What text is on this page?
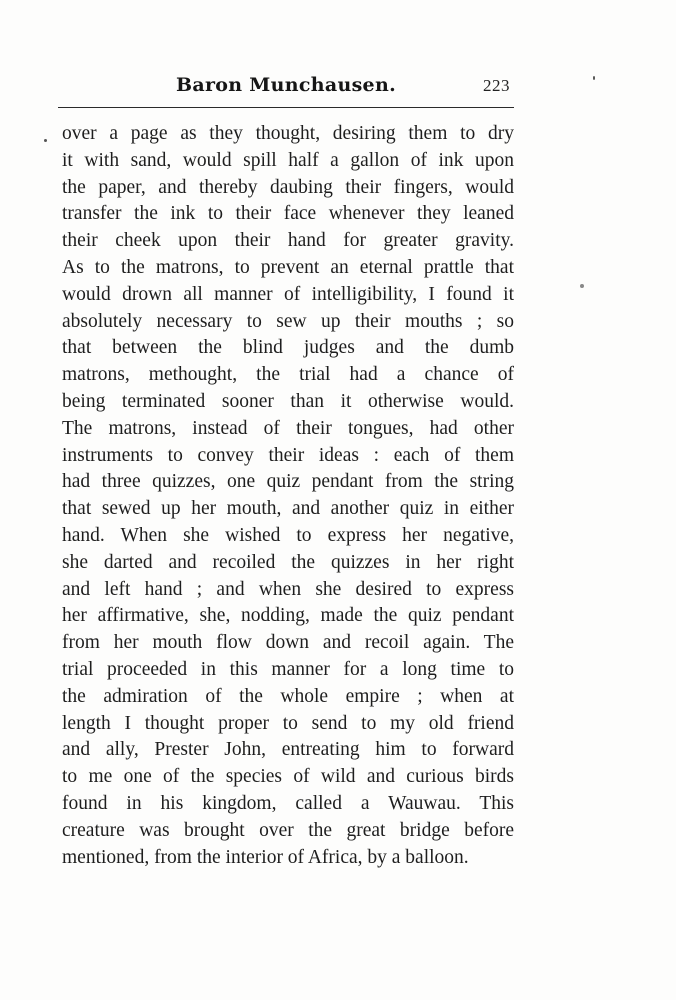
Baron Munchausen.	223
over a page as they thought, desiring them to dry
it with sand, would spill half a gallon of ink upon
the paper, and thereby daubing their fingers, would
transfer the ink to their face whenever they leaned
their cheek upon their hand for greater gravity.
As to the matrons, to prevent an eternal prattle that
would drown all manner of intelligibility, I found it
absolutely necessary to sew up their mouths ; so
that between the blind judges and the dumb
matrons, methought, the trial had a chance of
being terminated sooner than it otherwise would.
The matrons, instead of their tongues, had other
instruments to convey their ideas : each of them
had three quizzes, one quiz pendant from the string
that sewed up her mouth, and another quiz in either
hand. When she wished to express her negative,
she darted and recoiled the quizzes in her right
and left hand ; and when she desired to express
her affirmative, she, nodding, made the quiz pendant
from her mouth flow down and recoil again. The
trial proceeded in this manner for a long time to
the admiration of the whole empire ; when at
length I thought proper to send to my old friend
and ally, Prester John, entreating him to forward
to me one of the species of wild and curious birds
found in his kingdom, called a Wauwau. This
creature was brought over the great bridge before
mentioned, from the interior of Africa, by a balloon.
